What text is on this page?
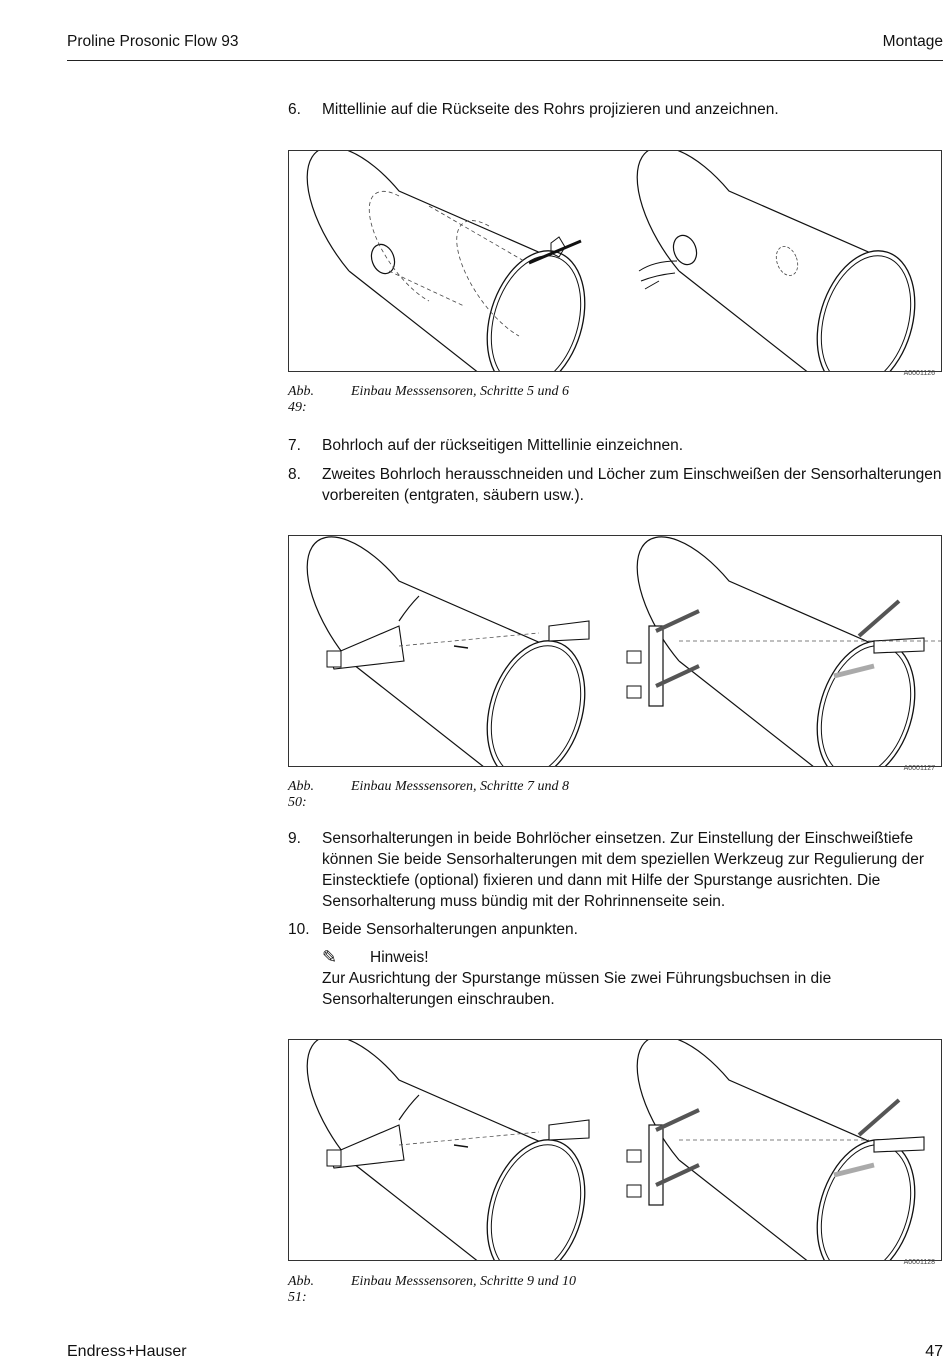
Proline Prosonic Flow 93	Montage
6. Mittellinie auf die Rückseite des Rohrs projizieren und anzeichnen.
A0001126
Abb. 49:
Einbau Messsensoren, Schritte 5 und 6
7. Bohrloch auf der rückseitigen Mittellinie einzeichnen.
8. Zweites Bohrloch herausschneiden und Löcher zum Einschweißen der Sensorhalterungen vorbereiten (entgraten, säubern usw.).
A0001127
Abb. 50:
Einbau Messsensoren, Schritte 7 und 8
9. Sensorhalterungen in beide Bohrlöcher einsetzen. Zur Einstellung der Einschweißtiefe können Sie beide Sensorhalterungen mit dem speziellen Werkzeug zur Regulierung der Einstecktiefe (optional) fixieren und dann mit Hilfe der Spurstange ausrichten. Die Sensorhalterung muss bündig mit der Rohrinnenseite sein.
10. Beide Sensorhalterungen anpunkten.
✎ Hinweis!
Zur Ausrichtung der Spurstange müssen Sie zwei Führungsbuchsen in die Sensorhalterungen einschrauben.
A0001128
Abb. 51:
Einbau Messsensoren, Schritte 9 und 10
Endress+Hauser	47
